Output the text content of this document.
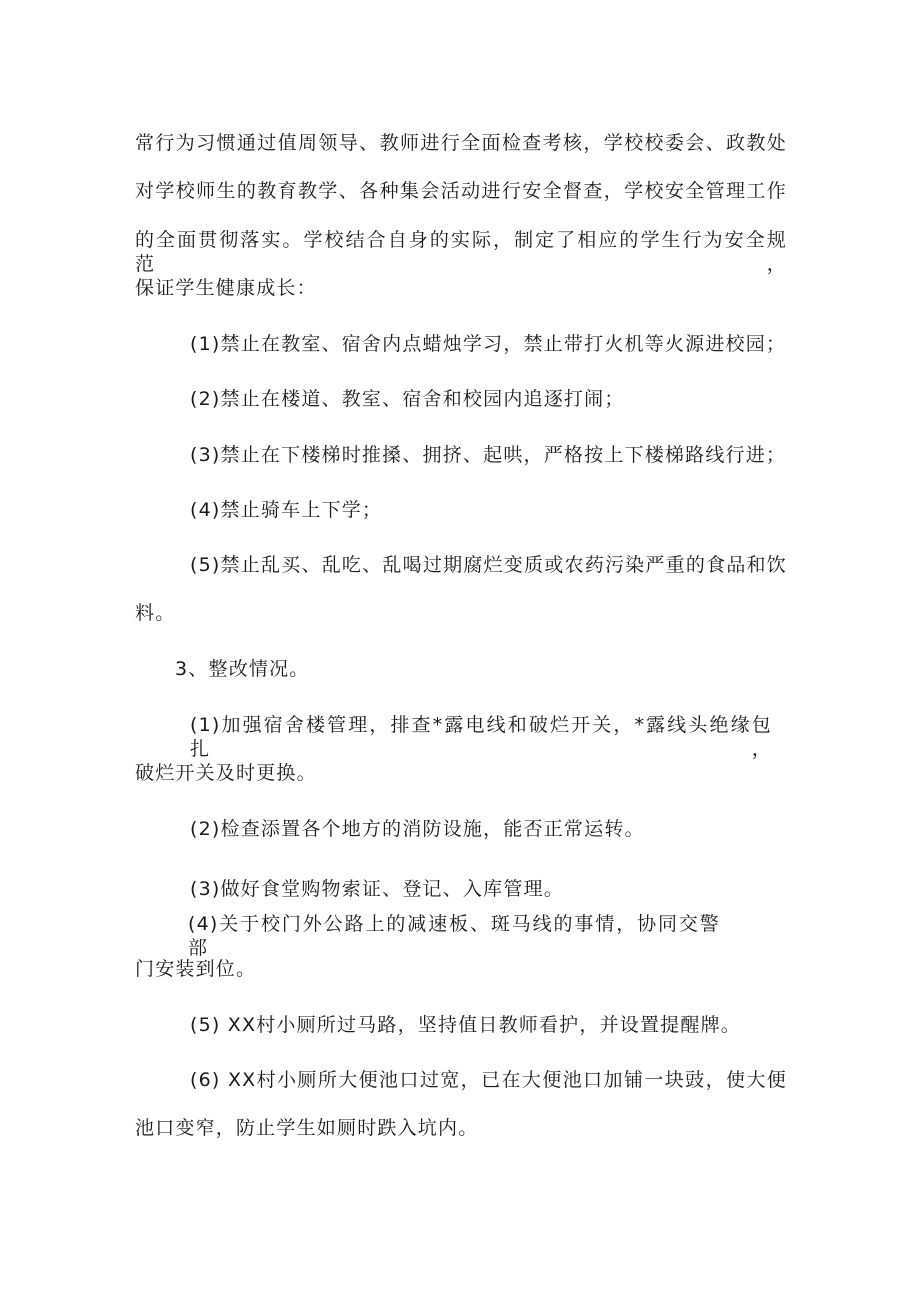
常行为习惯通过值周领导、教师进行全面检查考核，学校校委会、政教处
对学校师生的教育教学、各种集会活动进行安全督查，学校安全管理工作
的全面贯彻落实。学校结合自身的实际，制定了相应的学生行为安全规范，
保证学生健康成长：
(1)禁止在教室、宿舍内点蜡烛学习，禁止带打火机等火源进校园；
(2)禁止在楼道、教室、宿舍和校园内追逐打闹；
(3)禁止在下楼梯时推搡、拥挤、起哄，严格按上下楼梯路线行进；
(4)禁止骑车上下学；
(5)禁止乱买、乱吃、乱喝过期腐烂变质或农药污染严重的食品和饮
料。
3、整改情况。
(1)加强宿舍楼管理，排查*露电线和破烂开关，*露线头绝缘包扎，
破烂开关及时更换。
(2)检查添置各个地方的消防设施，能否正常运转。
(3)做好食堂购物索证、登记、入库管理。
(4)关于校门外公路上的减速板、斑马线的事情，协同交警部
门安装到位。
(5) XX村小厕所过马路，坚持值日教师看护，并设置提醒牌。
(6) XX村小厕所大便池口过宽，已在大便池口加铺一块豉，使大便
池口变窄，防止学生如厕时跌入坑内。
